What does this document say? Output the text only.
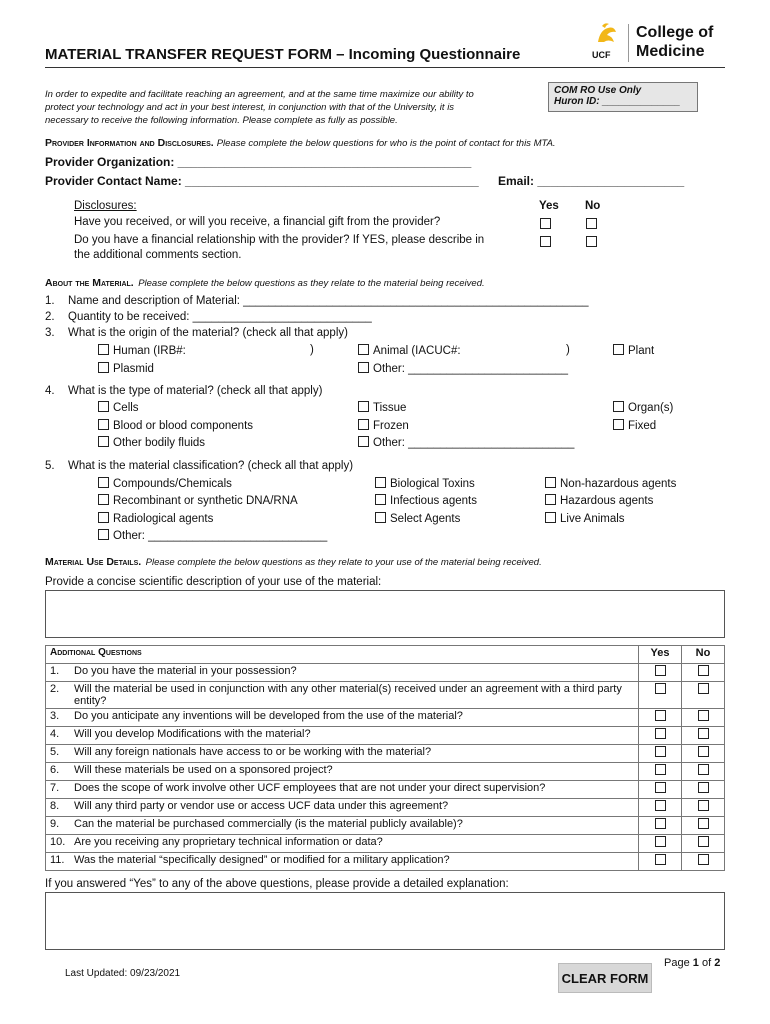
MATERIAL TRANSFER REQUEST FORM – Incoming Questionnaire	UCF
College of
Medicine
In order to expedite and facilitate reaching an agreement, and at the same time maximize our ability to
protect your technology and act in your best interest, in conjunction with that of the University, it is
necessary to receive the following information. Please complete as fully as possible.
COM RO Use Only
Huron ID: ______________
Provider Information and Disclosures. Please complete the below questions for who is the point of contact for this MTA.
Provider Organization: ____________________________________________
Provider Contact Name: ____________________________________________ Email: ______________________
Disclosures:	Yes No
Have you received, or will you receive, a financial gift from the provider?
Do you have a financial relationship with the provider? If YES, please describe in
the additional comments section.
About the Material. Please complete the below questions as they relate to the material being received.
1. Name and description of Material: ______________________________________________________
2. Quantity to be received: ____________________________
3. What is the origin of the material? (check all that apply)
Human (IRB#:	)	Animal (IACUC#:	)	Plant
Plasmid	Other: _________________________
4. What is the type of material? (check all that apply)
Cells	Tissue	Organ(s)
Blood or blood components	Frozen	Fixed
Other bodily fluids	Other: __________________________
5. What is the material classification? (check all that apply)
Compounds/Chemicals	Biological Toxins	Non-hazardous agents
Recombinant or synthetic DNA/RNA	Infectious agents	Hazardous agents
Radiological agents	Select Agents	Live Animals
Other: ____________________________
Material Use Details. Please complete the below questions as they relate to your use of the material being received.
Provide a concise scientific description of your use of the material:
Additional Questions		Yes	No
1.	Do you have the material in your possession?		
2.	Will the material be used in conjunction with any other material(s) received under an agreement with a third party entity?		
3.	Do you anticipate any inventions will be developed from the use of the material?		
4.	Will you develop Modifications with the material?		
5.	Will any foreign nationals have access to or be working with the material?		
6.	Will these materials be used on a sponsored project?		
7.	Does the scope of work involve other UCF employees that are not under your direct supervision?		
8.	Will any third party or vendor use or access UCF data under this agreement?		
9.	Can the material be purchased commercially (is the material publicly available)?		
10.	Are you receiving any proprietary technical information or data?		
11.	Was the material “specifically designed” or modified for a military application?		
If you answered “Yes” to any of the above questions, please provide a detailed explanation:
Page 1 of 2
Last Updated: 09/23/2021	CLEAR FORM
